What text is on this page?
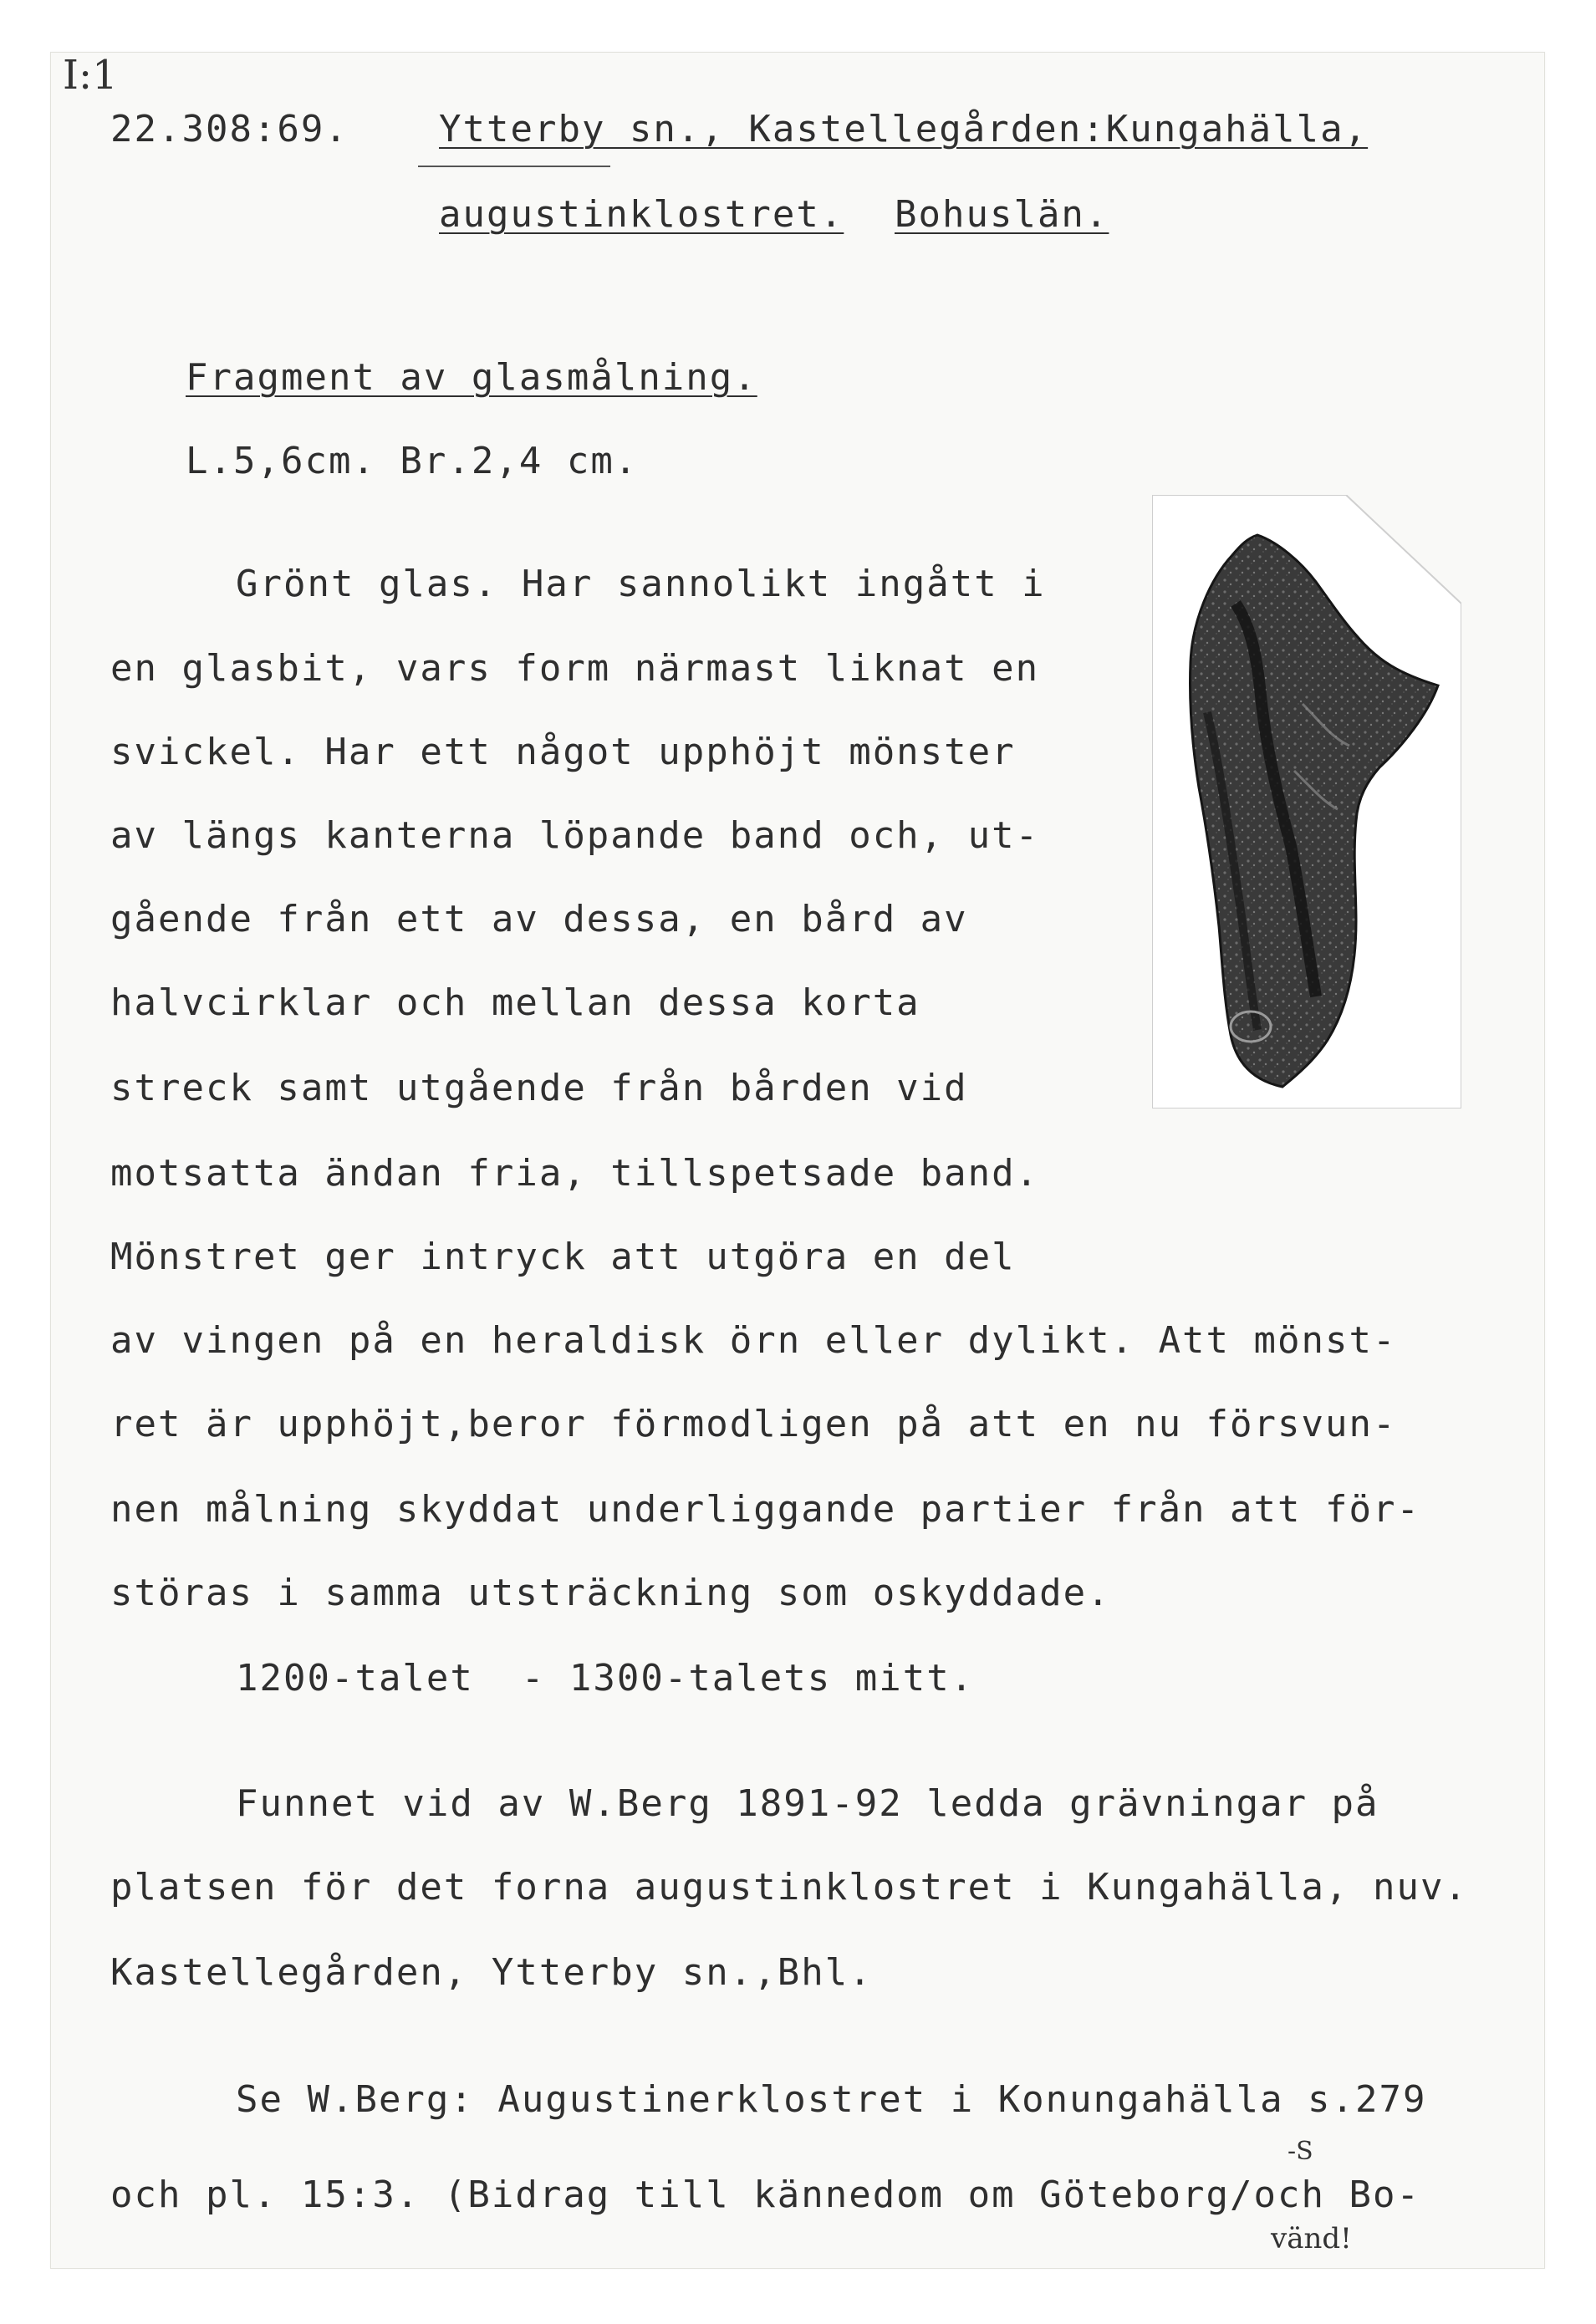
I:1
22.308:69. Ytterby sn., Kastellegården:Kungahälla,
augustinklostret. Bohuslän.
Fragment av glasmålning.
L.5,6cm. Br.2,4 cm.
Grönt glas. Har sannolikt ingått i
en glasbit, vars form närmast liknat en
svickel. Har ett något upphöjt mönster
av längs kanterna löpande band och, ut-
gående från ett av dessa, en bård av
halvcirklar och mellan dessa korta
streck samt utgående från bården vid
motsatta ändan fria, tillspetsade band.
Mönstret ger intryck att utgöra en del
av vingen på en heraldisk örn eller dylikt. Att mönst-
ret är upphöjt,beror förmodligen på att en nu försvun-
nen målning skyddat underliggande partier från att för-
störas i samma utsträckning som oskyddade.
1200-talet  - 1300-talets mitt.
Funnet vid av W.Berg 1891-92 ledda grävningar på
platsen för det forna augustinklostret i Kungahälla, nuv.
Kastellegården, Ytterby sn.,Bhl.
Se W.Berg: Augustinerklostret i Konungahälla s.279
och pl. 15:3. (Bidrag till kännedom om Göteborg/och Bo-
vänd!
-S
